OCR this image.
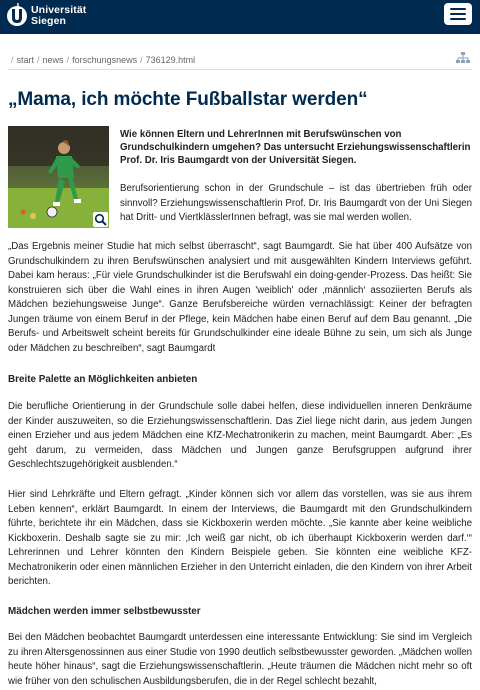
Universität
Siegen
/ start / news / forschungsnews / 736129.html
„Mama, ich möchte Fußballstar werden“

Wie können Eltern und LehrerInnen mit Berufswünschen von Grundschulkindern umgehen? Das untersucht Erziehungswissenschaftlerin Prof. Dr. Iris Baumgardt von der Universität Siegen.

Berufsorientierung schon in der Grundschule – ist das übertrieben früh oder sinnvoll? Erziehungswissenschaftlerin Prof. Dr. Iris Baumgardt von der Uni Siegen hat Dritt- und ViertklässlerInnen befragt, was sie mal werden wollen.

„Das Ergebnis meiner Studie hat mich selbst überrascht“, sagt Baumgardt. Sie hat über 400 Aufsätze von Grundschulkindern zu ihren Berufswünschen analysiert und mit ausgewählten Kindern Interviews geführt. Dabei kam heraus: „Für viele Grundschulkinder ist die Berufswahl ein doing-gender-Prozess. Das heißt: Sie konstruieren sich über die Wahl eines in ihren Augen 'weiblich' oder ‚männlich‘ assoziierten Berufs als Mädchen beziehungsweise Junge“. Ganze Berufsbereiche würden vernachlässigt: Keiner der befragten Jungen träume von einem Beruf in der Pflege, kein Mädchen habe einen Beruf auf dem Bau genannt. „Die Berufs- und Arbeitswelt scheint bereits für Grundschulkinder eine ideale Bühne zu sein, um sich als Junge oder Mädchen zu beschreiben“, sagt Baumgardt

Breite Palette an Möglichkeiten anbieten

Die berufliche Orientierung in der Grundschule solle dabei helfen, diese individuellen inneren Denkräume der Kinder auszuweiten, so die Erziehungswissenschaftlerin. Das Ziel liege nicht darin, aus jedem Jungen einen Erzieher und aus jedem Mädchen eine KfZ-Mechatronikerin zu machen, meint Baumgardt. Aber: „Es geht darum, zu vermeiden, dass Mädchen und Jungen ganze Berufsgruppen aufgrund ihrer Geschlechtszugehörigkeit ausblenden.“

Hier sind Lehrkräfte und Eltern gefragt. „Kinder können sich vor allem das vorstellen, was sie aus ihrem Leben kennen“, erklärt Baumgardt. In einem der Interviews, die Baumgardt mit den Grundschulkindern führte, berichtete ihr ein Mädchen, dass sie Kickboxerin werden möchte. „Sie kannte aber keine weibliche Kickboxerin. Deshalb sagte sie zu mir: ‚Ich weiß gar nicht, ob ich überhaupt Kickboxerin werden darf.‘“ Lehrerinnen und Lehrer könnten den Kindern Beispiele geben. Sie könnten eine weibliche KFZ-Mechatronikerin oder einen männlichen Erzieher in den Unterricht einladen, die den Kindern von ihrer Arbeit berichten.

Mädchen werden immer selbstbewusster

Bei den Mädchen beobachtet Baumgardt unterdessen eine interessante Entwicklung: Sie sind im Vergleich zu ihren Altersgenossinnen aus einer Studie von 1990 deutlich selbstbewusster geworden. „Mädchen wollen heute höher hinaus“, sagt die Erziehungswissenschaftlerin. „Heute träumen die Mädchen nicht mehr so oft wie früher von den schulischen Ausbildungsberufen, die in der Regel schlecht bezahlt,
